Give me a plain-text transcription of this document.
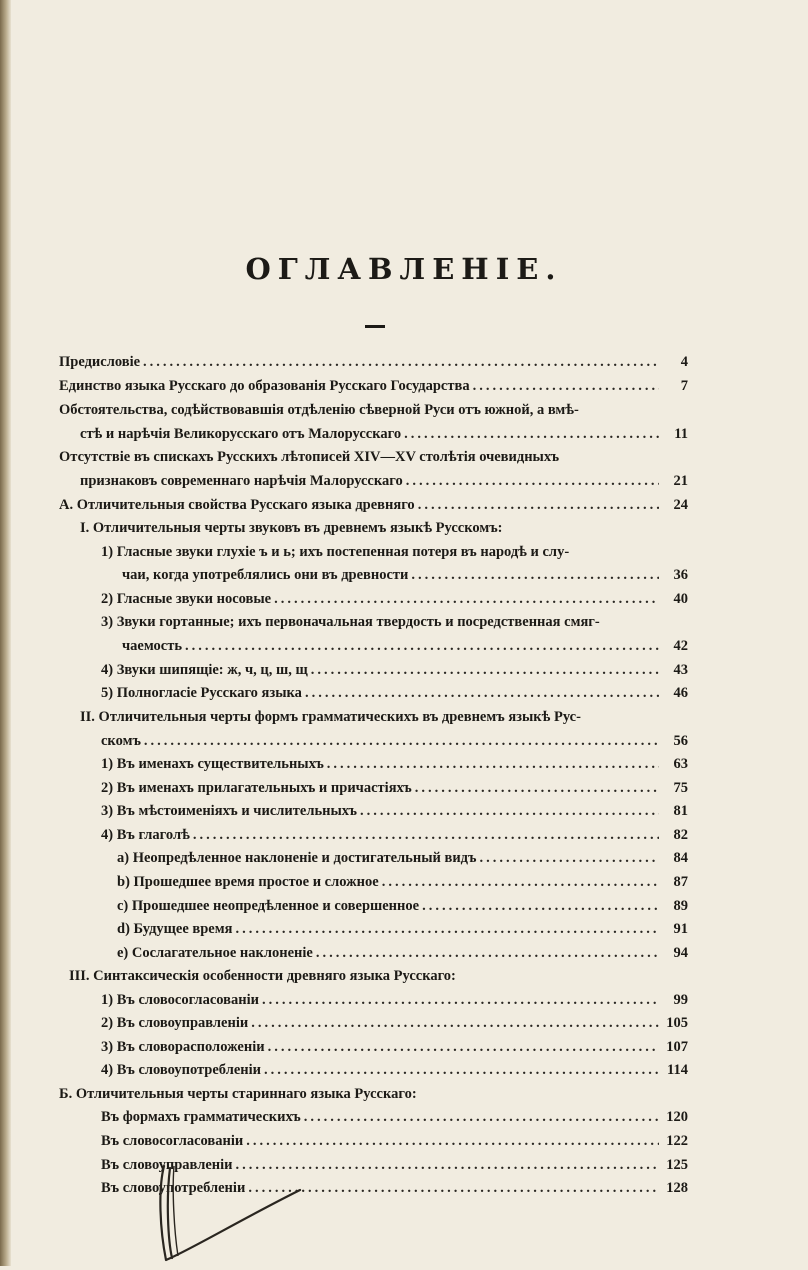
ОГЛАВЛЕНІЕ.
Предисловіе .....	4
Единство языка Русскаго до образованія Русскаго Государства .....	7
Обстоятельства, содѣйствовавшія отдѣленію сѣверной Руси отъ южной, а вмѣ-
стѣ и нарѣчія Великорусскаго отъ Малорусскаго .....	11
Отсутствіе въ спискахъ Русскихъ лѣтописей XIV—XV столѣтія очевидныхъ
признаковъ современнаго нарѣчія Малорусскаго .....	21
А. Отличительныя свойства Русскаго языка древняго .....	24
I. Отличительныя черты звуковъ въ древнемъ языкѣ Русскомъ:
1) Гласные звуки глухіе ъ и ь; ихъ постепенная потеря въ народѣ и слу-
чаи, когда употреблялись они въ древности .....	36
2) Гласные звуки носовые .....	40
3) Звуки гортанные; ихъ первоначальная твердость и посредственная смяг-
чаемость .....	42
4) Звуки шипящіе: ж, ч, ц, ш, щ .....	43
5) Полногласіе Русскаго языка .....	46
II. Отличительныя черты формъ грамматическихъ въ древнемъ языкѣ Рус-
скомъ .....	56
1) Въ именахъ существительныхъ .....	63
2) Въ именахъ прилагательныхъ и причастіяхъ .....	75
3) Въ мѣстоименіяхъ и числительныхъ .....	81
4) Въ глаголѣ .....	82
a) Неопредѣленное наклоненіе и достигательный видъ .....	84
b) Прошедшее время простое и сложное .....	87
c) Прошедшее неопредѣленное и совершенное .....	89
d) Будущее время .....	91
e) Сослагательное наклоненіе .....	94
III. Синтаксическія особенности древняго языка Русскаго:
1) Въ словосогласованіи .....	99
2) Въ словоуправленіи .....	105
3) Въ словорасположеніи .....	107
4) Въ словоупотребленіи .....	114
Б. Отличительныя черты стариннаго языка Русскаго:
Въ формахъ грамматическихъ .....	120
Въ словосогласованіи .....	122
Въ словоуправленіи .....	125
Въ словоупотребленіи .....	128
